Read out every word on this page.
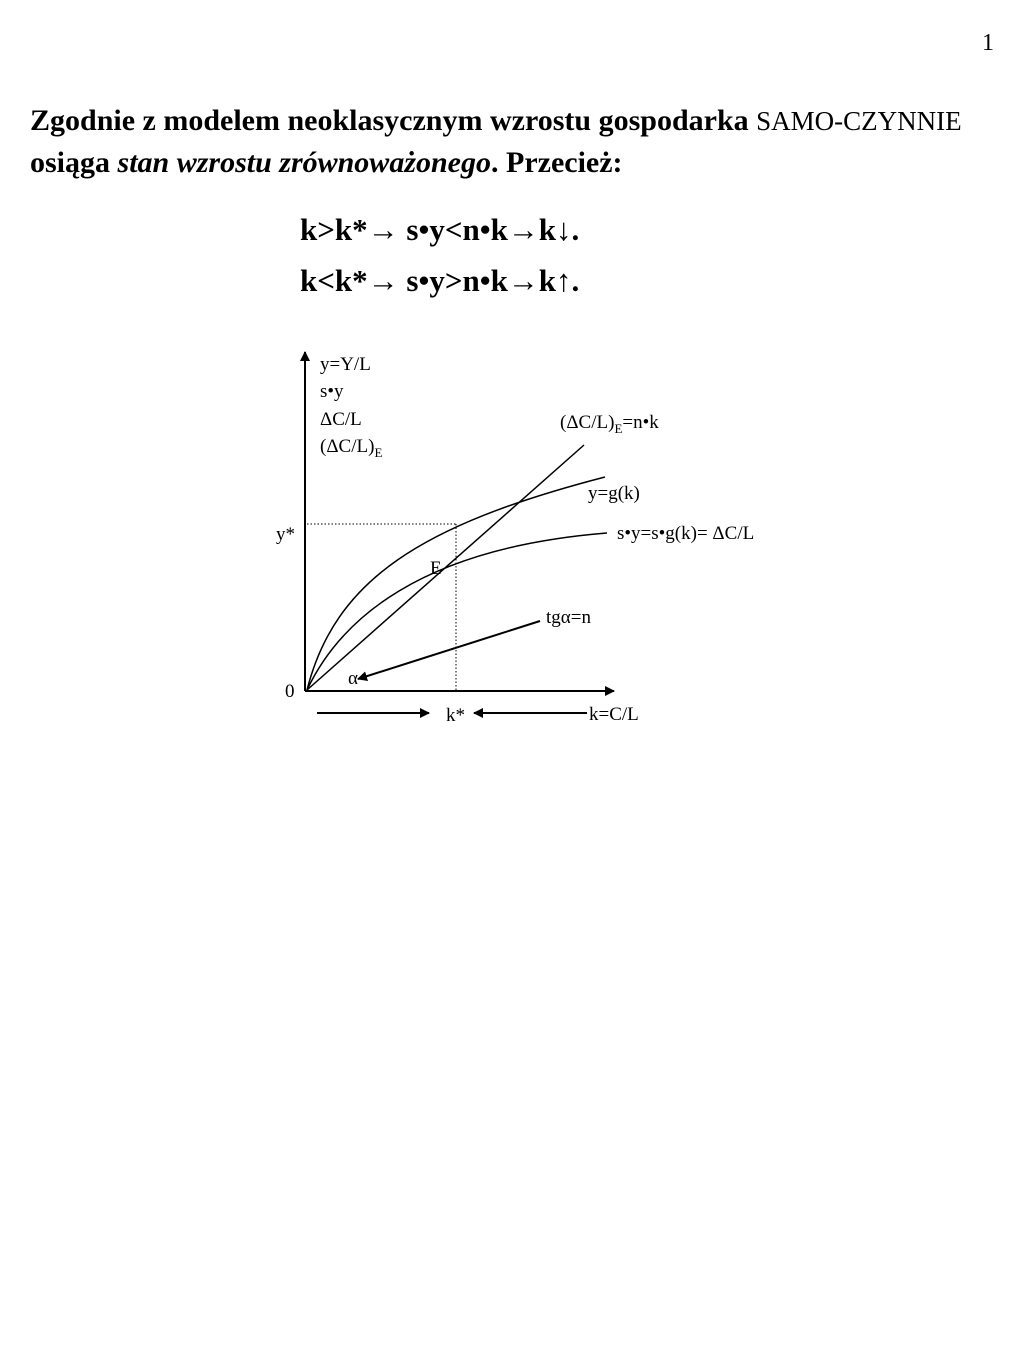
1

Zgodnie z modelem neoklasycznym wzrostu gospodarka SAMO-CZYNNIE osiąga stan wzrostu zrównoważonego. Przecież:

k>k*→ s•y<n•k→k↓.
k<k*→ s•y>n•k→k↑.
y=Y/L
s•y
ΔC/L
$(\Delta C/L)_E$
$(\Delta C/L)_E=n•k$
y=g(k)
s•y=s•g(k)= ΔC/L
y*
E
tgα=n
α
0
k*	k=C/L
